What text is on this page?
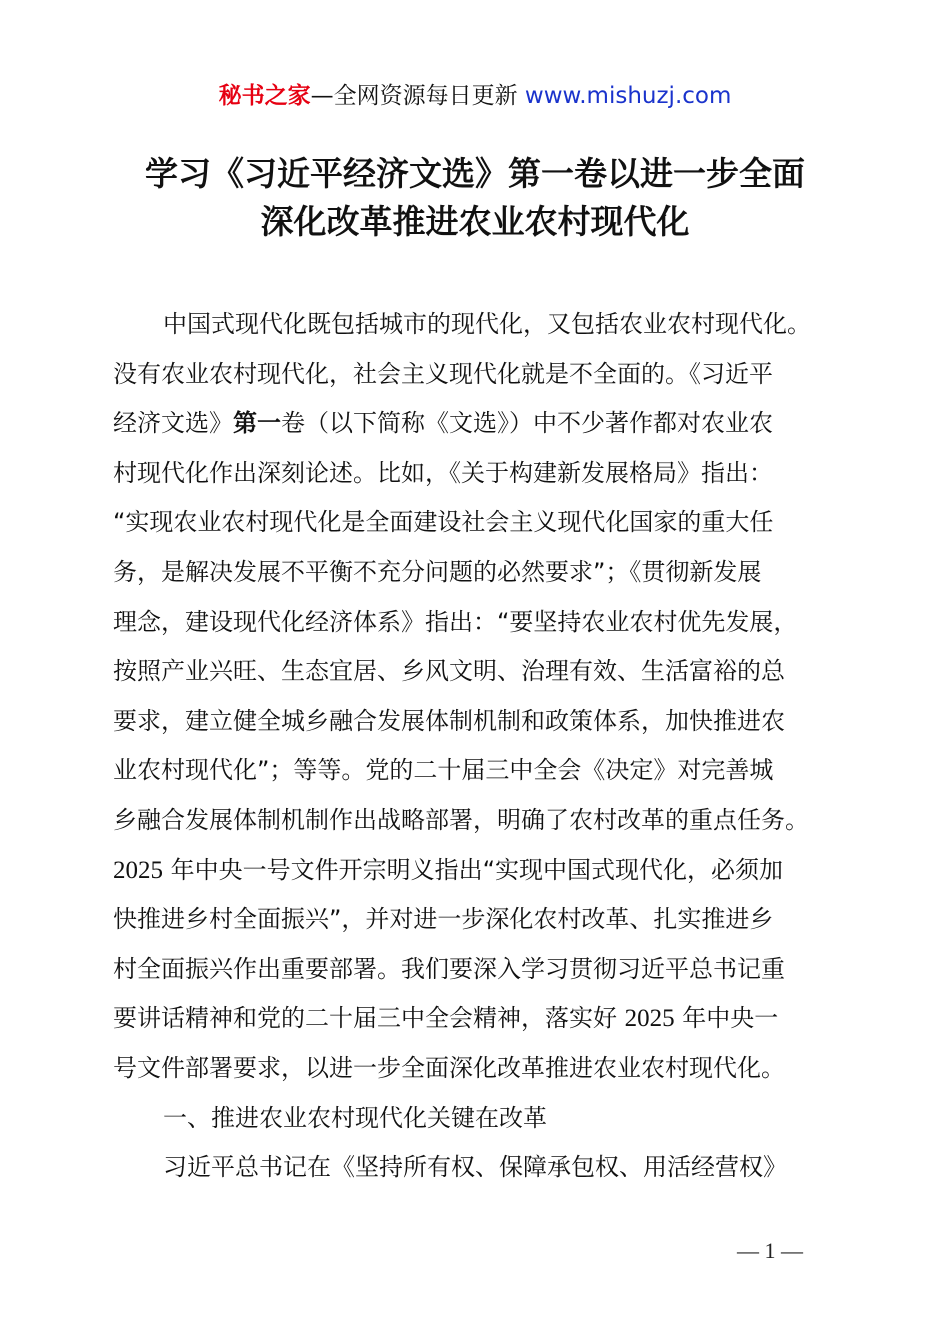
秘书之家—全网资源每日更新 www.mishuzj.com
学习《习近平经济文选》第一卷以进一步全面
深化改革推进农业农村现代化
中国式现代化既包括城市的现代化，又包括农业农村现代化。
没有农业农村现代化，社会主义现代化就是不全面的。《习近平
经济文选》第一卷（以下简称《文选》）中不少著作都对农业农
村现代化作出深刻论述。比如，《关于构建新发展格局》指出：
“实现农业农村现代化是全面建设社会主义现代化国家的重大任
务，是解决发展不平衡不充分问题的必然要求”；《贯彻新发展
理念，建设现代化经济体系》指出：“要坚持农业农村优先发展，
按照产业兴旺、生态宜居、乡风文明、治理有效、生活富裕的总
要求，建立健全城乡融合发展体制机制和政策体系，加快推进农
业农村现代化”；等等。党的二十届三中全会《决定》对完善城
乡融合发展体制机制作出战略部署，明确了农村改革的重点任务。
2025 年中央一号文件开宗明义指出“实现中国式现代化，必须加
快推进乡村全面振兴”，并对进一步深化农村改革、扎实推进乡
村全面振兴作出重要部署。我们要深入学习贯彻习近平总书记重
要讲话精神和党的二十届三中全会精神，落实好 2025 年中央一
号文件部署要求，以进一步全面深化改革推进农业农村现代化。
一、推进农业农村现代化关键在改革
习近平总书记在《坚持所有权、保障承包权、用活经营权》
— 1 —
